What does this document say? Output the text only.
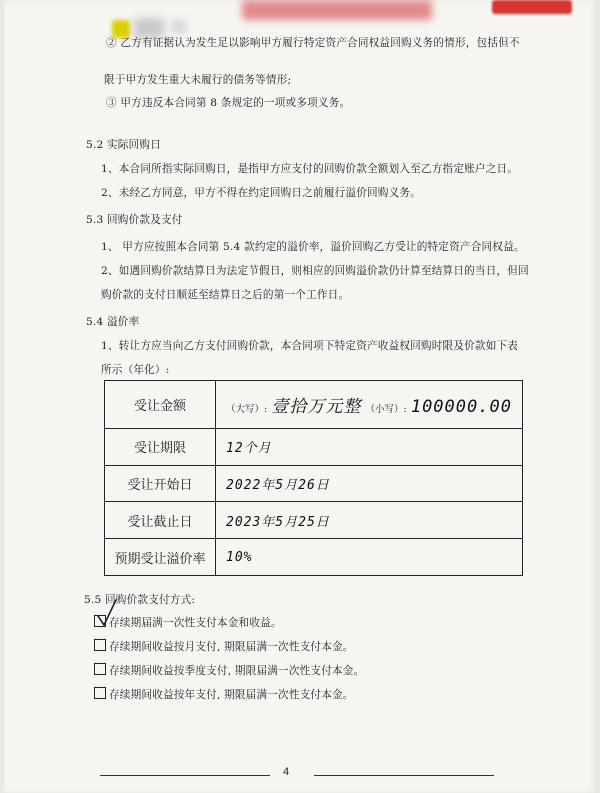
② 乙方有证据认为发生足以影响甲方履行特定资产合同权益回购义务的情形，包括但不
限于甲方发生重大未履行的债务等情形;
③ 甲方违反本合同第 8 条规定的一项或多项义务。
5.2 实际回购日
1、本合同所指实际回购日，是指甲方应支付的回购价款全额划入至乙方指定账户之日。
2、未经乙方同意，甲方不得在约定回购日之前履行溢价回购义务。
5.3 回购价款及支付
1、 甲方应按照本合同第 5.4 款约定的溢价率，溢价回购乙方受让的特定资产合同权益。
2、如遇回购价款结算日为法定节假日，则相应的回购溢价款仍计算至结算日的当日，但回
购价款的支付日顺延至结算日之后的第一个工作日。
5.4 溢价率
1、转让方应当向乙方支付回购价款，本合同项下特定资产收益权回购时限及价款如下表
所示（年化）:
受让金额	（大写）: 壹拾万元整 （小写）: 100000.00
受让期限	12个月
受让开始日	2022年5月26日
受让截止日	2023年5月25日
预期受让溢价率	10%
5.5 回购价款支付方式:
存续期届满一次性支付本金和收益。
存续期间收益按月支付, 期限届满一次性支付本金。
存续期间收益按季度支付, 期限届满一次性支付本金。
存续期间收益按年支付, 期限届满一次性支付本金。
4
